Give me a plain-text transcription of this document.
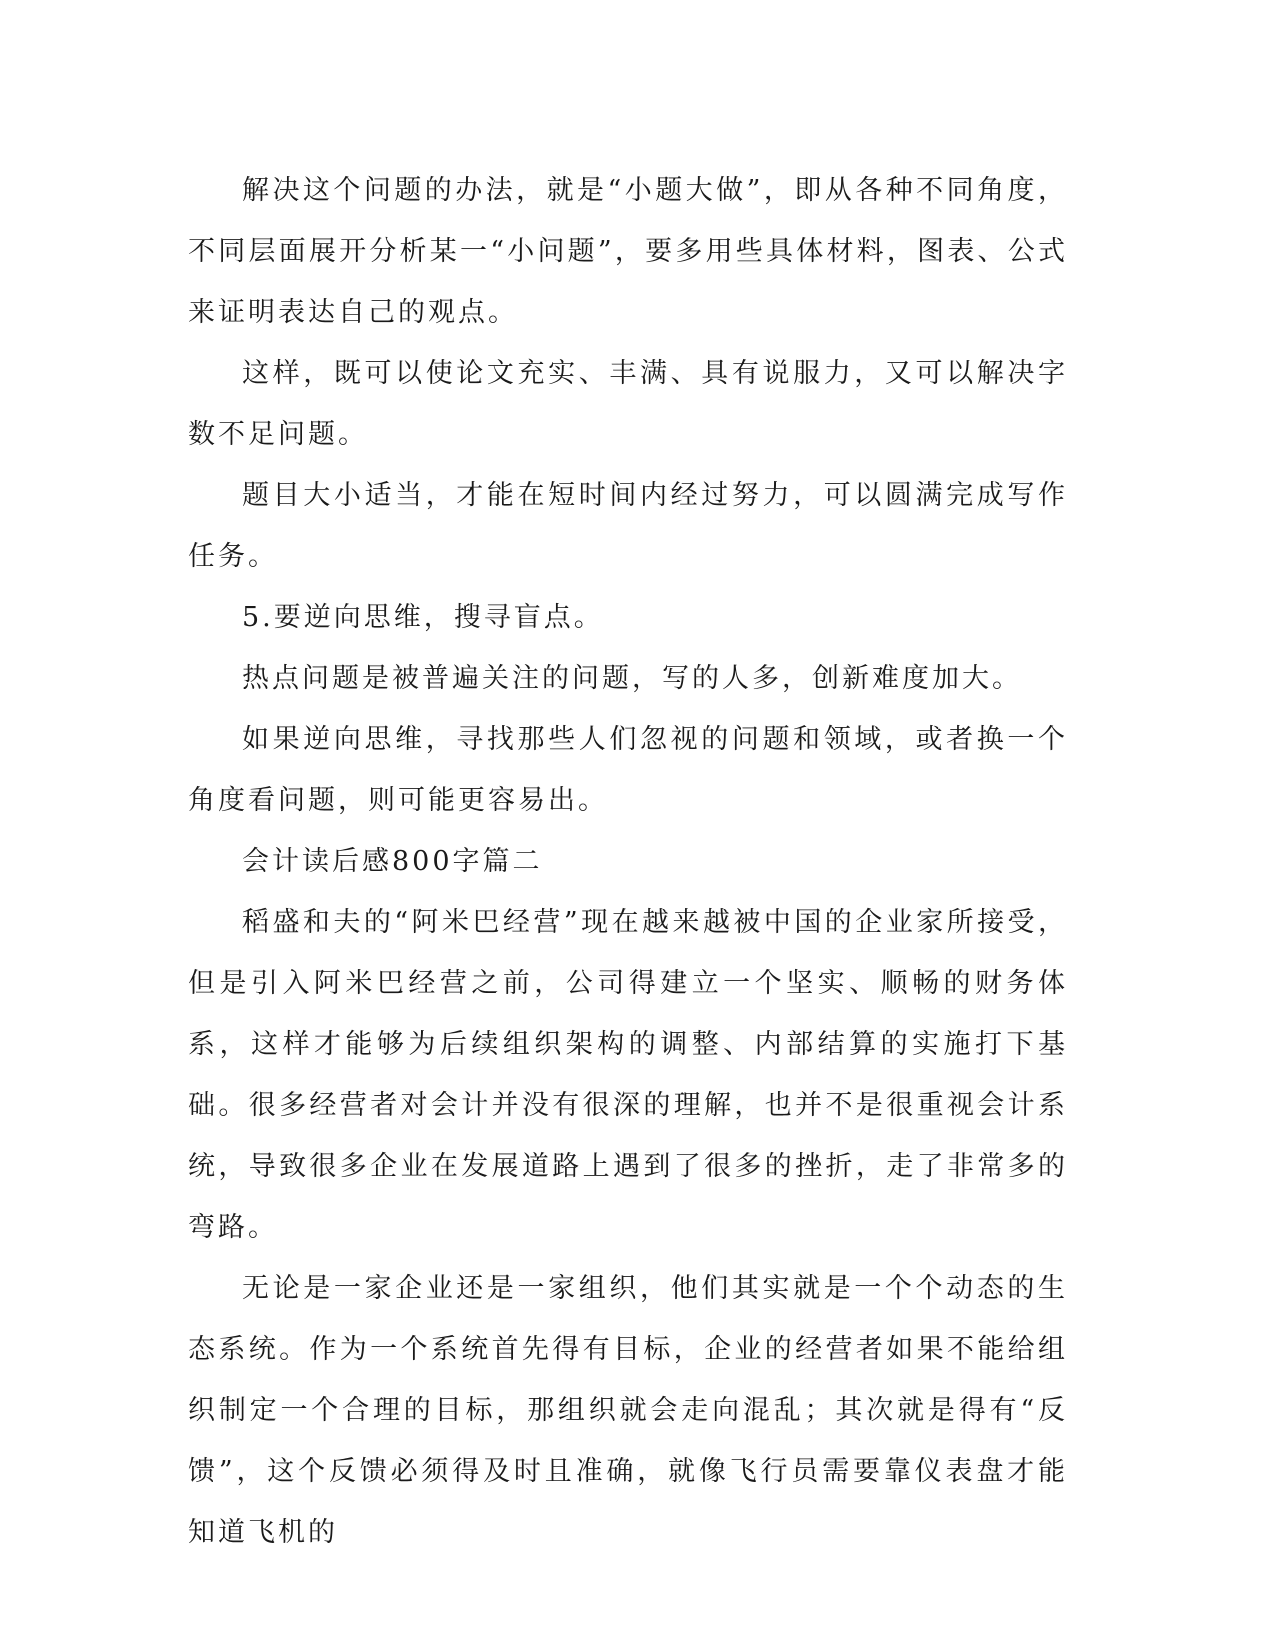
解决这个问题的办法，就是“小题大做”，即从各种不同角度，不同层面展开分析某一“小问题”，要多用些具体材料，图表、公式来证明表达自己的观点。

这样，既可以使论文充实、丰满、具有说服力，又可以解决字数不足问题。

题目大小适当，才能在短时间内经过努力，可以圆满完成写作任务。

5.要逆向思维，搜寻盲点。

热点问题是被普遍关注的问题，写的人多，创新难度加大。

如果逆向思维，寻找那些人们忽视的问题和领域，或者换一个角度看问题，则可能更容易出。

会计读后感800字篇二

稻盛和夫的“阿米巴经营”现在越来越被中国的企业家所接受，但是引入阿米巴经营之前，公司得建立一个坚实、顺畅的财务体系，这样才能够为后续组织架构的调整、内部结算的实施打下基础。很多经营者对会计并没有很深的理解，也并不是很重视会计系统，导致很多企业在发展道路上遇到了很多的挫折，走了非常多的弯路。

无论是一家企业还是一家组织，他们其实就是一个个动态的生态系统。作为一个系统首先得有目标，企业的经营者如果不能给组织制定一个合理的目标，那组织就会走向混乱；其次就是得有“反馈”，这个反馈必须得及时且准确，就像飞行员需要靠仪表盘才能知道飞机的
